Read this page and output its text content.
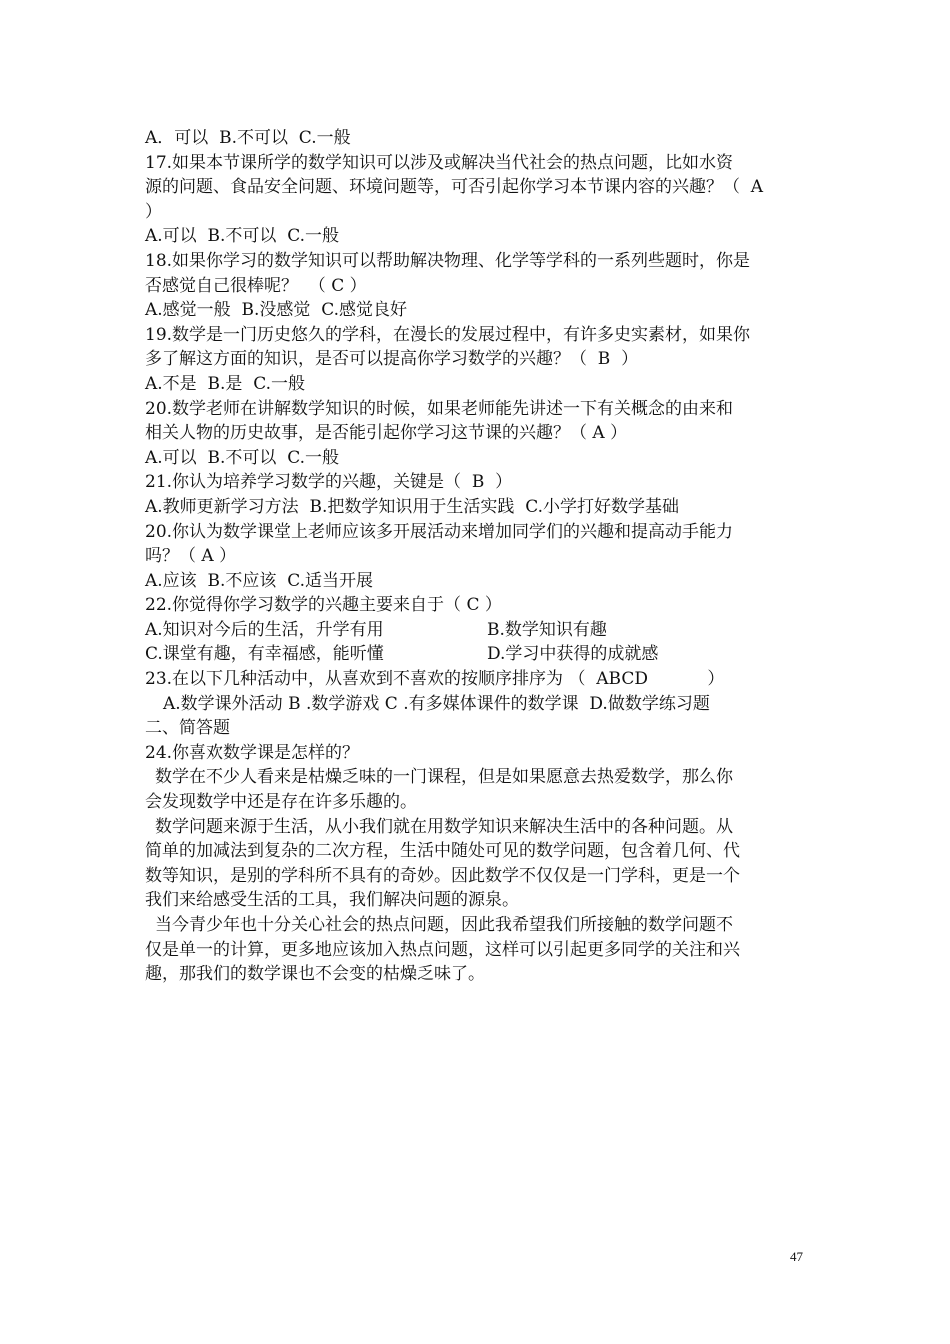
A．可以  B.不可以  C.一般
17.如果本节课所学的数学知识可以涉及或解决当代社会的热点问题，比如水资
源的问题、食品安全问题、环境问题等，可否引起你学习本节课内容的兴趣？（  A
）
A.可以  B.不可以  C.一般
18.如果你学习的数学知识可以帮助解决物理、化学等学科的一系列些题时，你是
否感觉自己很棒呢？  （ C ）
A.感觉一般  B.没感觉  C.感觉良好
19.数学是一门历史悠久的学科，在漫长的发展过程中，有许多史实素材，如果你
多了解这方面的知识，是否可以提高你学习数学的兴趣？（  B  ）
A.不是  B.是  C.一般
20.数学老师在讲解数学知识的时候，如果老师能先讲述一下有关概念的由来和
相关人物的历史故事，是否能引起你学习这节课的兴趣？（ A ）
A.可以  B.不可以  C.一般
21.你认为培养学习数学的兴趣，关键是（  B  ）
A.教师更新学习方法  B.把数学知识用于生活实践  C.小学打好数学基础
20.你认为数学课堂上老师应该多开展活动来增加同学们的兴趣和提高动手能力
吗？（ A ）
A.应该  B.不应该  C.适当开展
22.你觉得你学习数学的兴趣主要来自于（ C ）
A.知识对今后的生活，升学有用	B.数学知识有趣
C.课堂有趣，有幸福感，能听懂	D.学习中获得的成就感
23.在以下几种活动中，从喜欢到不喜欢的按顺序排序为 （  ABCD           ）
A.数学课外活动 B .数学游戏 C .有多媒体课件的数学课  D.做数学练习题
二、简答题
24.你喜欢数学课是怎样的？
数学在不少人看来是枯燥乏味的一门课程，但是如果愿意去热爱数学，那么你
会发现数学中还是存在许多乐趣的。
数学问题来源于生活，从小我们就在用数学知识来解决生活中的各种问题。从
简单的加减法到复杂的二次方程，生活中随处可见的数学问题，包含着几何、代
数等知识，是别的学科所不具有的奇妙。因此数学不仅仅是一门学科，更是一个
我们来给感受生活的工具，我们解决问题的源泉。
当今青少年也十分关心社会的热点问题，因此我希望我们所接触的数学问题不
仅是单一的计算，更多地应该加入热点问题，这样可以引起更多同学的关注和兴
趣，那我们的数学课也不会变的枯燥乏味了。
47
